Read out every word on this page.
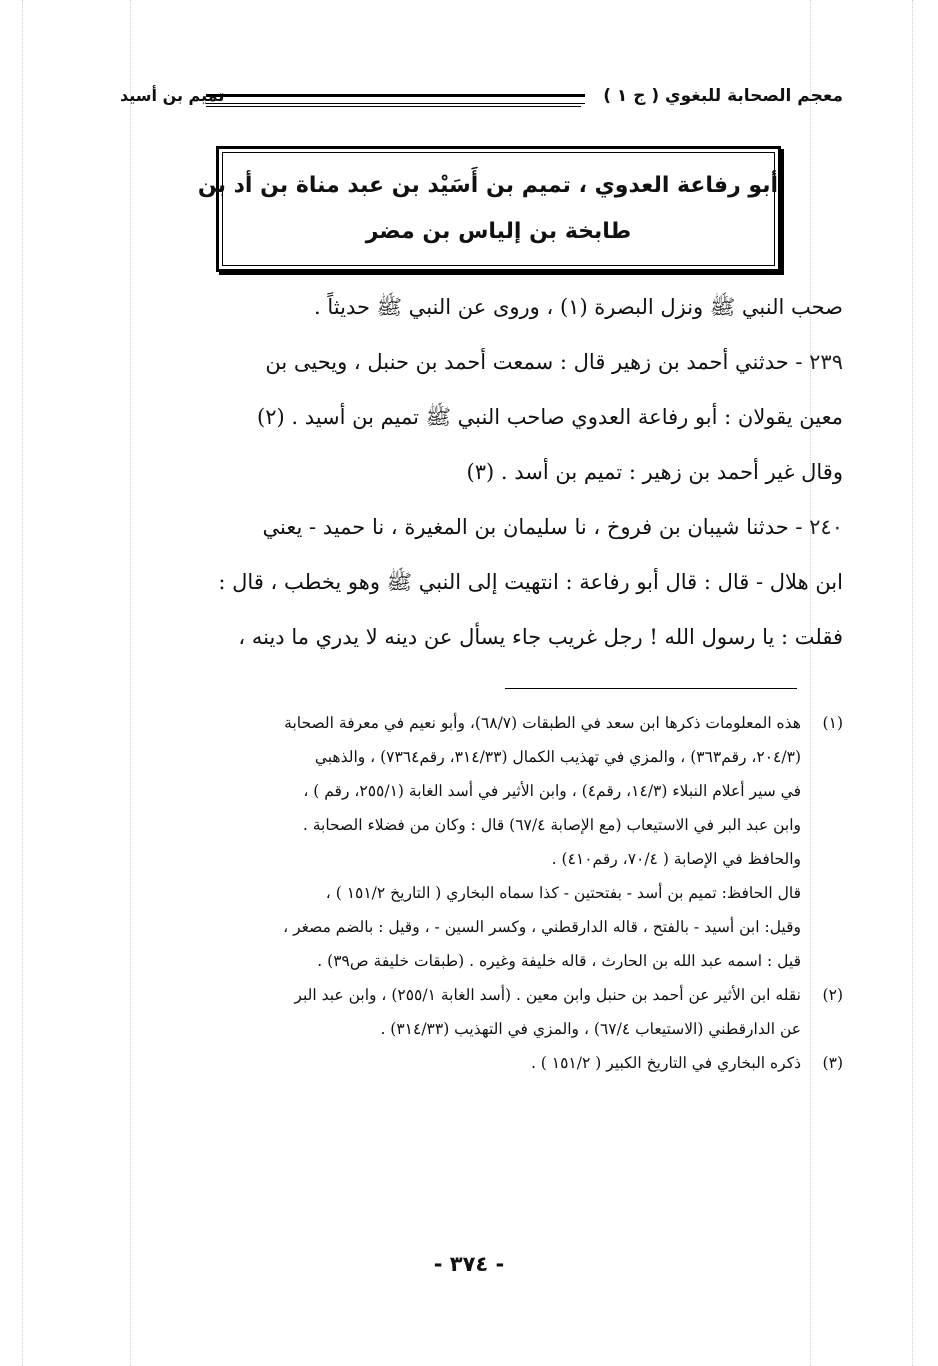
معجم الصحابة للبغوي ( ج ١ )
تميم بن أسيد
أبو رفاعة العدوي ، تميم بن أَسَيْد بن عبد مناة بن أد بن
طابخة بن إلياس بن مضر

صحب النبي ﷺ ونزل البصرة (١) ، وروى عن النبي ﷺ حديثاً .

٢٣٩ - حدثني أحمد بن زهير قال : سمعت أحمد بن حنبل ، ويحيى بن

معين يقولان : أبو رفاعة العدوي صاحب النبي ﷺ تميم بن أسيد . (٢)

وقال غير أحمد بن زهير : تميم بن أسد . (٣)

٢٤٠ - حدثنا شيبان بن فروخ ، نا سليمان بن المغيرة ، نا حميد - يعني

ابن هلال - قال : قال أبو رفاعة : انتهيت إلى النبي ﷺ وهو يخطب ، قال :

فقلت : يا رسول الله ! رجل غريب جاء يسأل عن دينه لا يدري ما دينه ،

(١)
هذه المعلومات ذكرها ابن سعد في الطبقات (٦٨/٧)، وأبو نعيم في معرفة الصحابة
(٢٠٤/٣، رقم٣٦٣) ، والمزي في تهذيب الكمال (٣١٤/٣٣، رقم٧٣٦٤) ، والذهبي
في سير أعلام النبلاء (١٤/٣، رقم٤) ، وابن الأثير في أسد الغابة (٢٥٥/١، رقم ) ،
وابن عبد البر في الاستيعاب (مع الإصابة ٦٧/٤) قال : وكان من فضلاء الصحابة .
والحافظ في الإصابة ( ٧٠/٤، رقم٤١٠) .
قال الحافظ: تميم بن أسد - بفتحتين - كذا سماه البخاري ( التاريخ ١٥١/٢ ) ،
وقيل: ابن أسيد - بالفتح ، قاله الدارقطني ، وكسر السين - ، وقيل : بالضم مصغر ،
قيل : اسمه عبد الله بن الحارث ، قاله خليفة وغيره . (طبقات خليفة ص٣٩) .
(٢)
نقله ابن الأثير عن أحمد بن حنبل وابن معين . (أسد الغابة ٢٥٥/١) ، وابن عبد البر
عن الدارقطني (الاستيعاب ٦٧/٤) ، والمزي في التهذيب (٣١٤/٣٣) .
(٣)
ذكره البخاري في التاريخ الكبير ( ١٥١/٢ ) .
- ٣٧٤ -
